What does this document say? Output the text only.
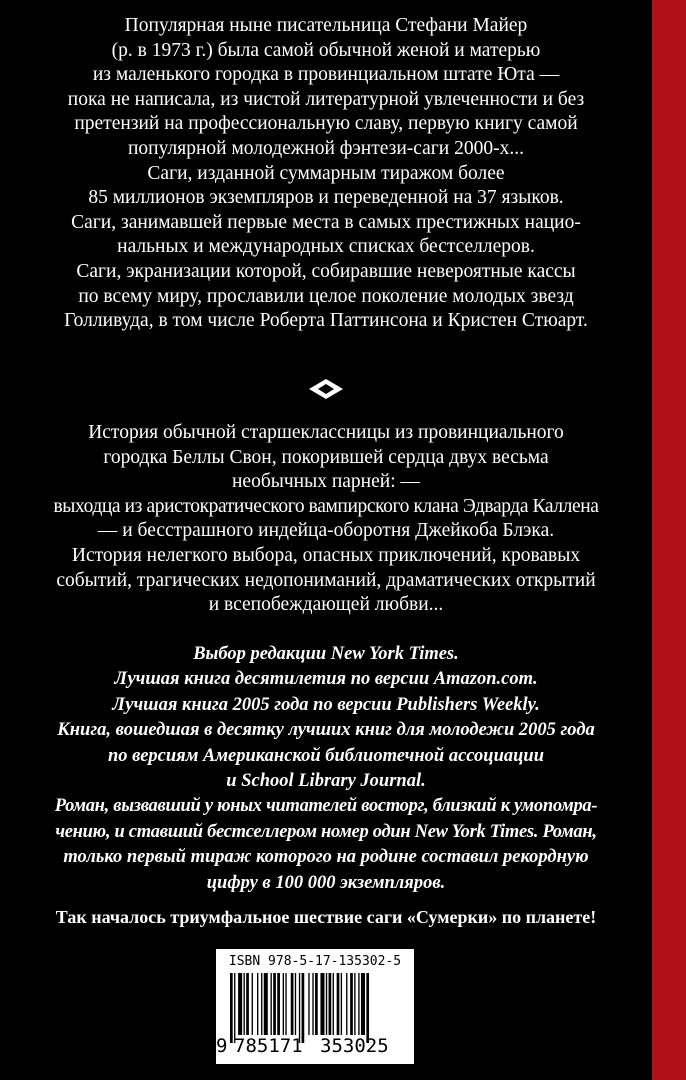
Популярная ныне писательница Стефани Майер
(р. в 1973 г.) была самой обычной женой и матерью
из маленького городка в провинциальном штате Юта —
пока не написала, из чистой литературной увлеченности и без
претензий на профессиональную славу, первую книгу самой
популярной молодежной фэнтези-саги 2000-х...
Саги, изданной суммарным тиражом более
85 миллионов экземпляров и переведенной на 37 языков.
Саги, занимавшей первые места в самых престижных нацио-
нальных и международных списках бестселлеров.
Саги, экранизации которой, собиравшие невероятные кассы
по всему миру, прославили целое поколение молодых звезд
Голливуда, в том числе Роберта Паттинсона и Кристен Стюарт.
История обычной старшеклассницы из провинциального
городка Беллы Свон, покорившей сердца двух весьма
необычных парней: —
выходца из аристократического вампирского клана Эдварда Каллена
— и бесстрашного индейца-оборотня Джейкоба Блэка.
История нелегкого выбора, опасных приключений, кровавых
событий, трагических недопониманий, драматических открытий
и всепобеждающей любви...
Выбор редакции New York Times.
Лучшая книга десятилетия по версии Amazon.com.
Лучшая книга 2005 года по версии Publishers Weekly.
Книга, вошедшая в десятку лучших книг для молодежи 2005 года
по версиям Американской библиотечной ассоциации
и School Library Journal.
Роман, вызвавший у юных читателей восторг, близкий к умопомра-
чению, и ставший бестселлером номер один New York Times. Роман,
только первый тираж которого на родине составил рекордную
цифру в 100 000 экземпляров.
Так началось триумфальное шествие саги «Сумерки» по планете!
ISBN 978-5-17-135302-5
9 785171 353025
